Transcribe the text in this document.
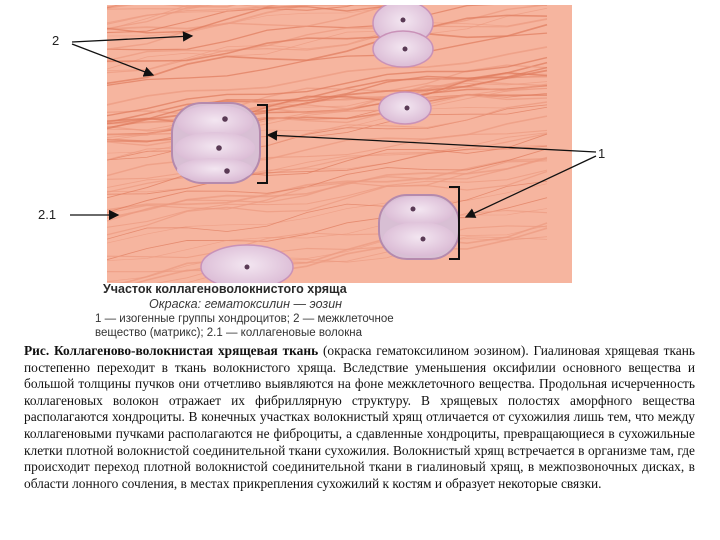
2
1
2.1
Участок коллагеноволокнистого хряща
Окраска: гематоксилин — эозин
1 — изогенные группы хондроцитов; 2 — межклеточное
вещество (матрикс); 2.1 — коллагеновые волокна
Рис. Коллагеново-волокнистая хрящевая ткань (окраска гематоксилином эозином). Гиалиновая хрящевая ткань постепенно переходит в ткань волокнистого хряща. Вследствие уменьшения оксифилии основного вещества и большой толщины пучков они отчетливо выявляются на фоне межклеточного вещества. Продольная исчерченность коллагеновых волокон отражает их фибриллярную структуру. В хрящевых полостях аморфного вещества располагаются хондроциты. В конечных участках волокнистый хрящ отличается от сухожилия лишь тем, что между коллагеновыми пучками располагаются не фиброциты, а сдавленные хондроциты, превращающиеся в сухожильные клетки плотной волокнистой соединительной ткани сухожилия. Волокнистый хрящ встречается в организме там, где происходит переход плотной волокнистой соединительной ткани в гиалиновый хрящ, в межпозвоночных дисках, в области лонного сочления, в местах прикрепления сухожилий к костям и образует некоторые связки.
